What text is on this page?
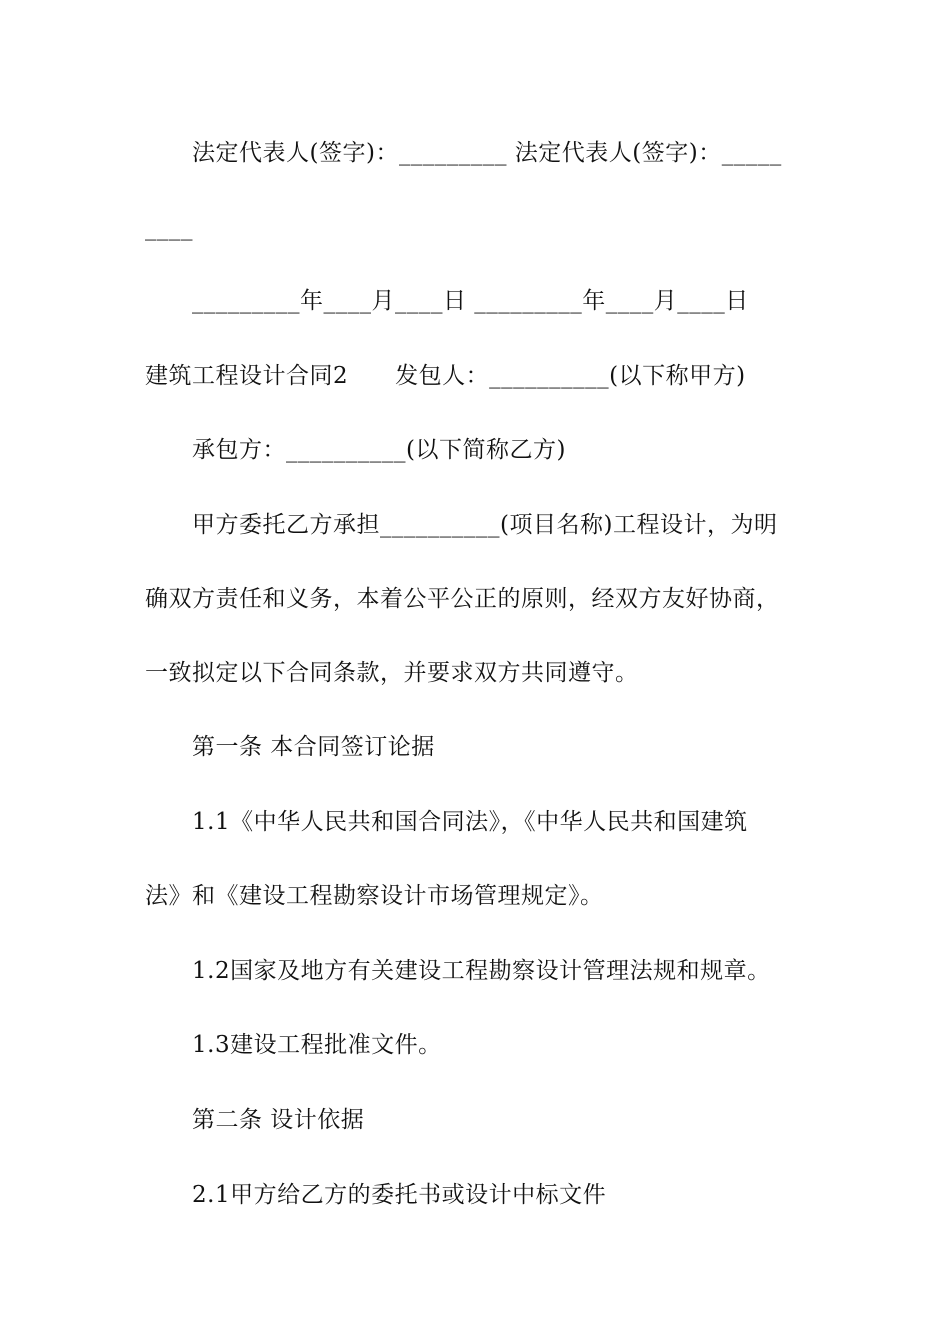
法定代表人(签字)：_________ 法定代表人(签字)：_____
____
_________年____月____日 _________年____月____日
建筑工程设计合同2　　发包人：__________(以下称甲方)
承包方：__________(以下简称乙方)
甲方委托乙方承担__________(项目名称)工程设计，为明
确双方责任和义务，本着公平公正的原则，经双方友好协商，
一致拟定以下合同条款，并要求双方共同遵守。
第一条 本合同签订论据
1.1《中华人民共和国合同法》，《中华人民共和国建筑
法》和《建设工程勘察设计市场管理规定》。
1.2国家及地方有关建设工程勘察设计管理法规和规章。
1.3建设工程批准文件。
第二条 设计依据
2.1甲方给乙方的委托书或设计中标文件
